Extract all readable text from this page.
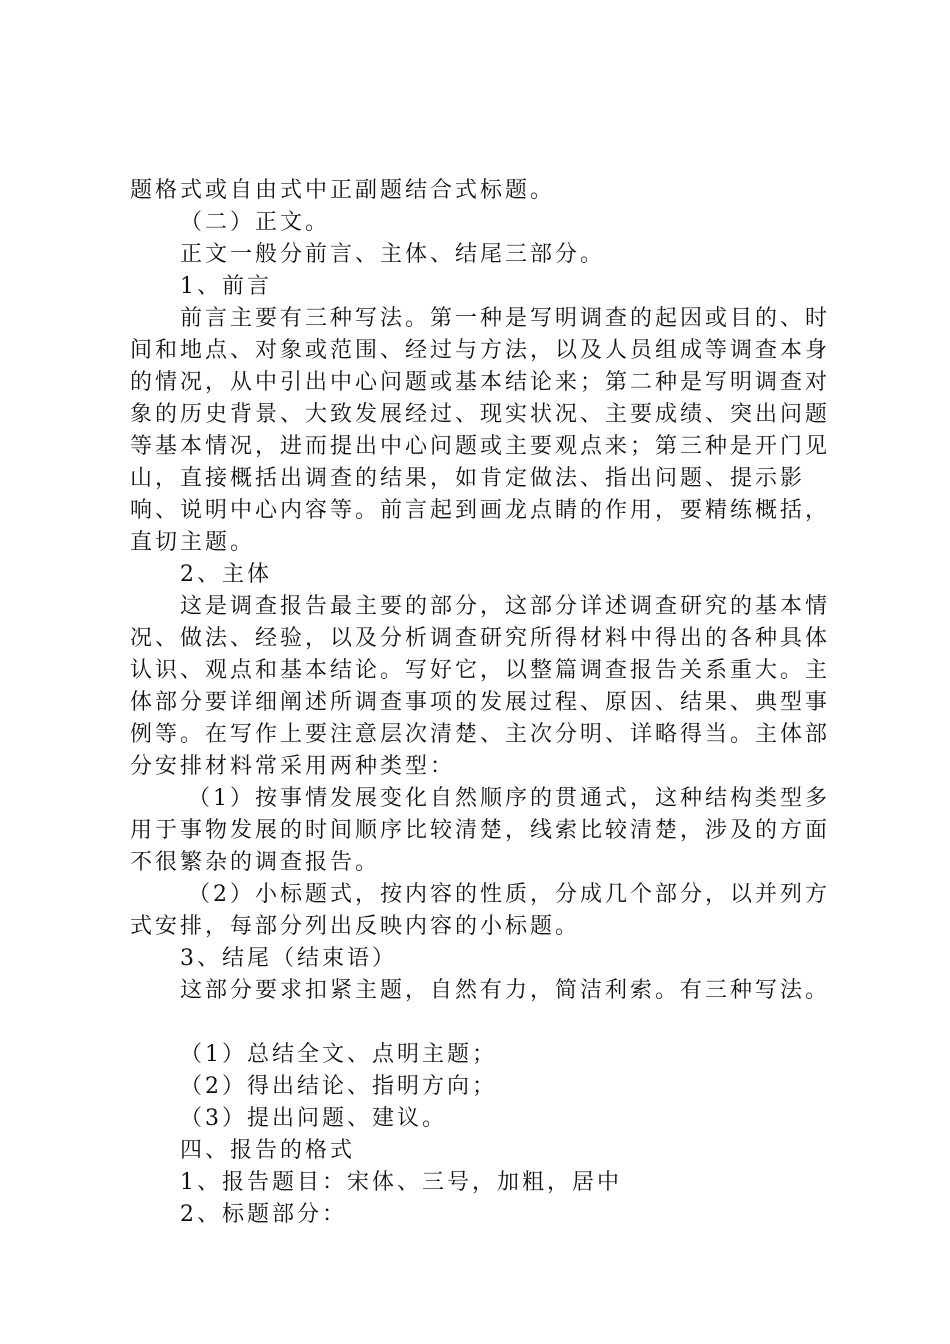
题格式或自由式中正副题结合式标题。

（二）正文。

正文一般分前言、主体、结尾三部分。

1、前言

前言主要有三种写法。第一种是写明调查的起因或目的、时间和地点、对象或范围、经过与方法，以及人员组成等调查本身的情况，从中引出中心问题或基本结论来；第二种是写明调查对象的历史背景、大致发展经过、现实状况、主要成绩、突出问题等基本情况，进而提出中心问题或主要观点来；第三种是开门见山，直接概括出调查的结果，如肯定做法、指出问题、提示影响、说明中心内容等。前言起到画龙点睛的作用，要精练概括，直切主题。

2、主体

这是调查报告最主要的部分，这部分详述调查研究的基本情况、做法、经验，以及分析调查研究所得材料中得出的各种具体认识、观点和基本结论。写好它，以整篇调查报告关系重大。主体部分要详细阐述所调查事项的发展过程、原因、结果、典型事例等。在写作上要注意层次清楚、主次分明、详略得当。主体部分安排材料常采用两种类型：

（1）按事情发展变化自然顺序的贯通式，这种结构类型多用于事物发展的时间顺序比较清楚，线索比较清楚，涉及的方面不很繁杂的调查报告。

（2）小标题式，按内容的性质，分成几个部分，以并列方式安排，每部分列出反映内容的小标题。

3、结尾（结束语）

这部分要求扣紧主题，自然有力，简洁利索。有三种写法。

（1）总结全文、点明主题；

（2）得出结论、指明方向；

（3）提出问题、建议。

四、报告的格式

1、报告题目：宋体、三号，加粗，居中

2、标题部分：
